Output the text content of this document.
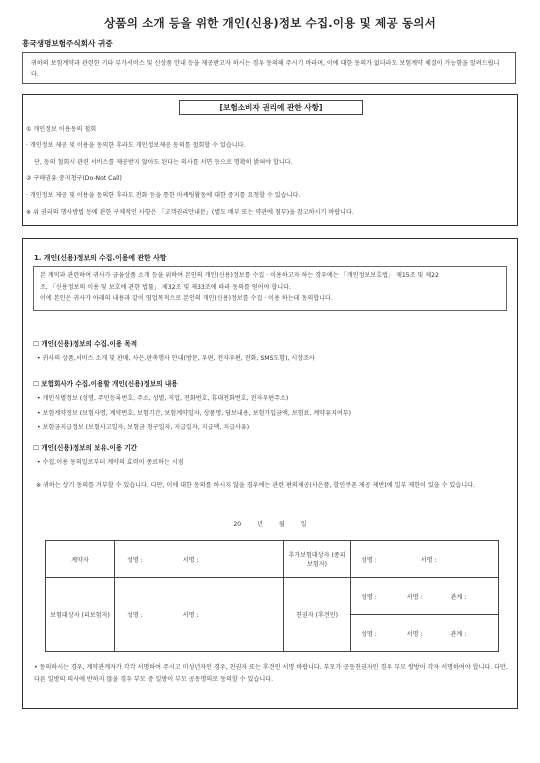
상품의 소개 등을 위한 개인(신용)정보 수집.이용 및 제공 동의서
흥국생명보험주식회사 귀중
귀하의 보험계약과 관련한 기타 부가서비스 및 신상품 안내 등을 제공받고자 하시는 경우 동의해 주시기 바라며, 이에 대한 동의가 없더라도 보험계약 체결이 가능함을 알려드립니다.
[보험소비자 권리에 관한 사항]
① 개인정보 이용동의 철회
· 개인정보 제공 및 이용을 동의한 후라도 개인정보제공 동의를 철회할 수 있습니다.
단, 동의 철회시 관련 서비스를 제공받지 않아도 된다는 의사를 서면 등으로 명확히 밝혀야 합니다.
② 구매권유 중지청구(Do-Not Call)
· 개인정보 제공 및 이용을 동의한 후라도 전화 등을 통한 마케팅활동에 대한 중지를 요청할 수 있습니다.
※ 위 권리의 행사방법 등에 관한 구체적인 사항은 「고객권리안내문」(별도 배부 또는 약관에 첨부)을 참고하시기 바랍니다.
1. 개인(신용)정보의 수집.이용에 관한 사항
본 계약과 관련하여 귀사가 금융상품 소개 등을 위하여 본인의 개인(신용)정보를 수집 · 이용하고자 하는 경우에는 「개인정보보호법」 제15조 및 제22
조, 「신용정보의 이용 및 보호에 관한 법률」 제32조 및 제33조에 따라 동의를 얻어야 합니다.
이에 본인은 귀사가 아래의 내용과 같이 영업목적으로 본인의 개인(신용)정보를 수집 · 이용 하는데 동의합니다.
☐ 개인(신용)정보의 수집.이용 목적
• 귀사의 상품,서비스 소개 및 판매, 사은,판촉행사 안내(방문, 우편, 전자우편, 전화, SMS도함), 시장조사
☐ 보험회사가 수집.이용할 개인(신용)정보의 내용
• 개인식별정보 (성명, 주민등록번호, 주소, 성별, 직업, 전화번호, 휴대전화번호, 전자우편주소)
• 보험계약정보 (보험사명, 계약번호, 보험기간, 보험계약일자, 상품명, 담보내용, 보험가입금액, 보험료, 계약유지여부)
• 보험금지급정보 (보험사고일자, 보험금 청구일자, 지급일자, 지급액, 지급사유)
☐ 개인(신용)정보의 보유.이용 기간
• 수집.이용 동의일로부터 계약의 효력이 종료하는 시점
※ 귀하는 상기 동의를 거부할 수 있습니다. 다만, 이에 대한 동의를 하시지 않을 경우에는 관련 편의제공(사은품, 할인쿠폰 제공 제반)에 일부 제한이 있을 수 있습니다.
20 년 월 일
계약자	성명 : 서명 :	추가보험대상자 (종피보험자)	성명 : 서명 :

보험대상자 (피보험자)	성명 : 서명 :	친권자 (후견인)	성명 : 서명 : 관계 :

			성명 : 서명 : 관계 :
• 동의하시는 경우, 계약관계자가 각각 서명하여 주시고 미성년자인 경우, 친권자 또는 후견인 서명 바랍니다. 부모가 공동친권자인 경우 부모 쌍방이 각자 서명하여야 합니다. 다만, 다른 일방의 의사에 반하지 않을 경우 부모 중 일방이 부모 공동명의로 동의할 수 있습니다.
